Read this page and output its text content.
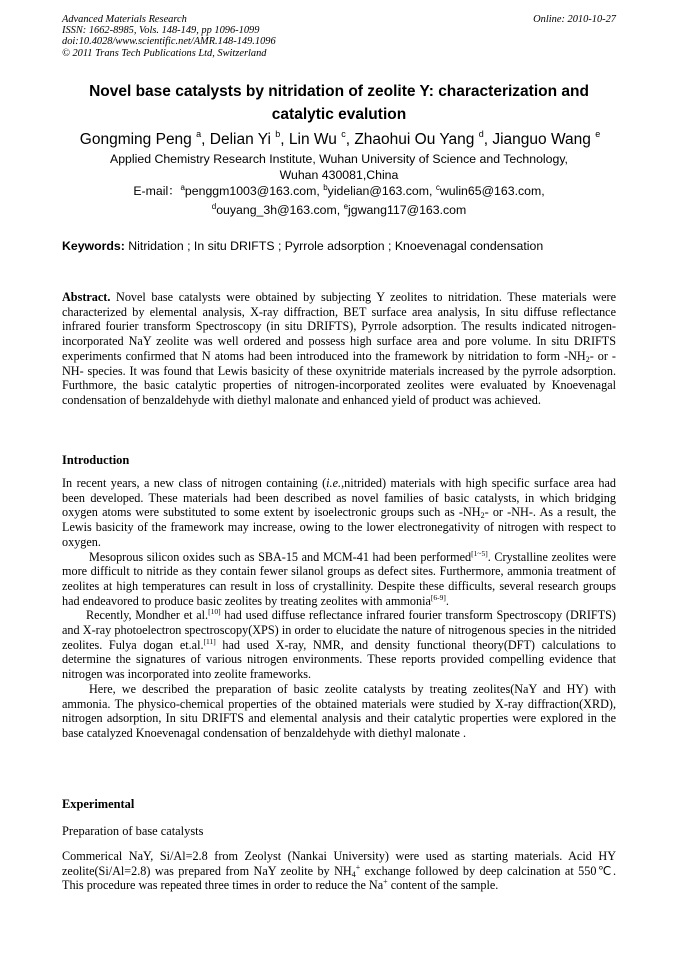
Advanced Materials Research
ISSN: 1662-8985, Vols. 148-149, pp 1096-1099
doi:10.4028/www.scientific.net/AMR.148-149.1096
© 2011 Trans Tech Publications Ltd, Switzerland
Online: 2010-10-27
Novel base catalysts by nitridation of zeolite Y: characterization and catalytic evalution
Gongming Peng $^a$, Delian Yi $^b$, Lin Wu $^c$, Zhaohui Ou Yang $^d$, Jianguo Wang $^e$
Applied Chemistry Research Institute, Wuhan University of Science and Technology,
Wuhan 430081,China
E-mail：$^a$penggm1003@163.com, $^b$yidelian@163.com, $^c$wulin65@163.com,
$^d$ouyang_3h@163.com, $^e$jgwang117@163.com
Keywords: Nitridation ; In situ DRIFTS ; Pyrrole adsorption ; Knoevenagal condensation

Abstract. Novel base catalysts were obtained by subjecting Y zeolites to nitridation. These materials were characterized by elemental analysis, X-ray diffraction, BET surface area analysis, In situ diffuse reflectance infrared fourier transform Spectroscopy (in situ DRIFTS), Pyrrole adsorption. The results indicated nitrogen-incorporated NaY zeolite was well ordered and possess high surface area and pore volume. In situ DRIFTS experiments confirmed that N atoms had been introduced into the framework by nitridation to form $-NH_2-$ or -NH- species. It was found that Lewis basicity of these oxynitride materials increased by the pyrrole adsorption. Furthmore, the basic catalytic properties of nitrogen-incorporated zeolites were evaluated by Knoevenagal condensation of benzaldehyde with diethyl malonate and enhanced yield of product was achieved.

Introduction

In recent years, a new class of nitrogen containing (i.e.,nitrided) materials with high specific surface area had been developed. These materials had been described as novel families of basic catalysts, in which bridging oxygen atoms were substituted to some extent by isoelectronic groups such as $-NH_2-$ or -NH-. As a result, the Lewis basicity of the framework may increase, owing to the lower electronegativity of nitrogen with respect to oxygen.

Mesoprous silicon oxides such as SBA-15 and MCM-41 had been performed[1~5]. Crystalline zeolites were more difficult to nitride as they contain fewer silanol groups as defect sites. Furthermore, ammonia treatment of zeolites at high temperatures can result in loss of crystallinity. Despite these difficults, several research groups had endeavored to produce basic zeolites by treating zeolites with ammonia[6-9].

Recently, Mondher et al.[10] had used diffuse reflectance infrared fourier transform Spectroscopy (DRIFTS) and X-ray photoelectron spectroscopy(XPS) in order to elucidate the nature of nitrogenous species in the nitrided zeolites. Fulya dogan et.al.[11] had used X-ray, NMR, and density functional theory(DFT) calculations to determine the signatures of various nitrogen environments. These reports provided compelling evidence that nitrogen was incorporated into zeolite frameworks.

Here, we described the preparation of basic zeolite catalysts by treating zeolites(NaY and HY) with ammonia. The physico-chemical properties of the obtained materials were studied by X-ray diffraction(XRD), nitrogen adsorption, In situ DRIFTS and elemental analysis and their catalytic properties were explored in the base catalyzed Knoevenagal condensation of benzaldehyde with diethyl malonate .

Experimental
Preparation of base catalysts

Commerical NaY, Si/Al=2.8 from Zeolyst (Nankai University) were used as starting materials. Acid HY zeolite(Si/Al=2.8) was prepared from NaY zeolite by $NH_4^+$ exchange followed by deep calcination at 550℃. This procedure was repeated three times in order to reduce the Na+ content of the sample.
